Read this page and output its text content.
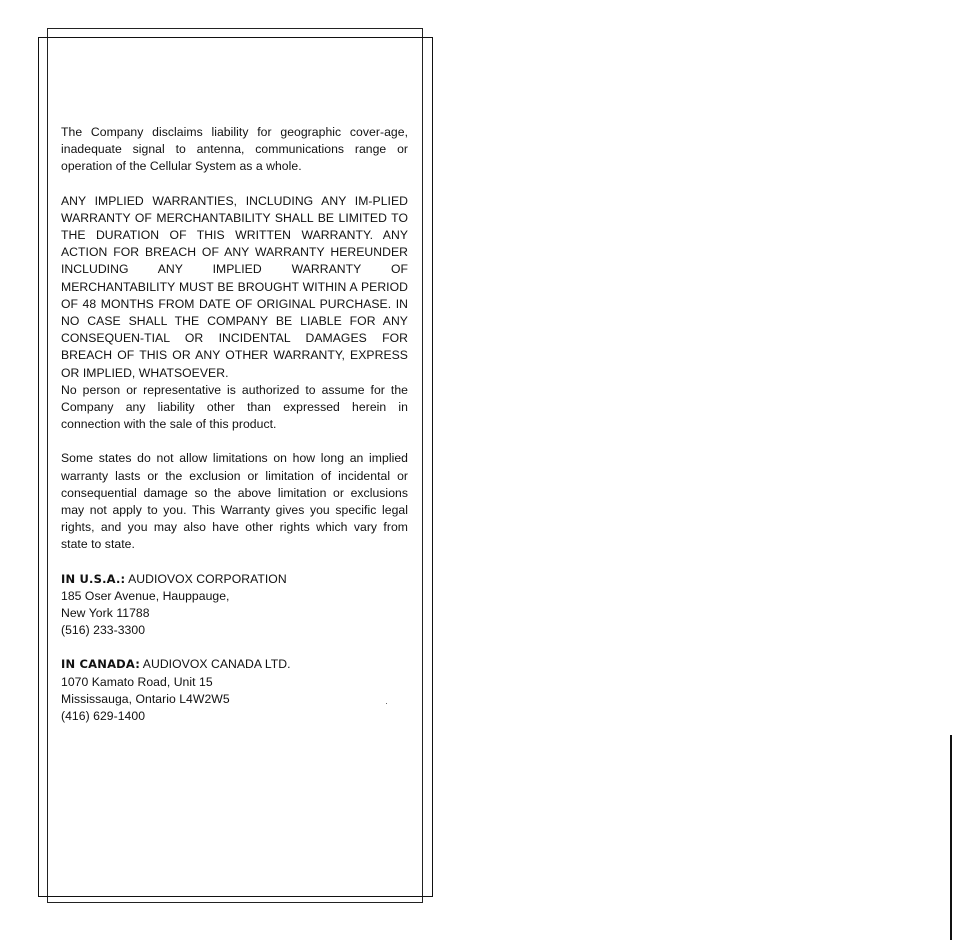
The Company disclaims liability for geographic cover-age, inadequate signal to antenna, communications range or operation of the Cellular System as a whole.

ANY IMPLIED WARRANTIES, INCLUDING ANY IM-PLIED WARRANTY OF MERCHANTABILITY SHALL BE LIMITED TO THE DURATION OF THIS WRITTEN WARRANTY. ANY ACTION FOR BREACH OF ANY WARRANTY HEREUNDER INCLUDING ANY IMPLIED WARRANTY OF MERCHANTABILITY MUST BE BROUGHT WITHIN A PERIOD OF 48 MONTHS FROM DATE OF ORIGINAL PURCHASE. IN NO CASE SHALL THE COMPANY BE LIABLE FOR ANY CONSEQUEN-TIAL OR INCIDENTAL DAMAGES FOR BREACH OF THIS OR ANY OTHER WARRANTY, EXPRESS OR IMPLIED, WHATSOEVER.

No person or representative is authorized to assume for the Company any liability other than expressed herein in connection with the sale of this product.

Some states do not allow limitations on how long an implied warranty lasts or the exclusion or limitation of incidental or consequential damage so the above limitation or exclusions may not apply to you. This Warranty gives you specific legal rights, and you may also have other rights which vary from state to state.

IN U.S.A.: AUDIOVOX CORPORATION
185 Oser Avenue, Hauppauge,
New York 11788
(516) 233-3300
IN CANADA: AUDIOVOX CANADA LTD.
1070 Kamato Road, Unit 15
Mississauga, Ontario L4W2W5
(416) 629-1400
